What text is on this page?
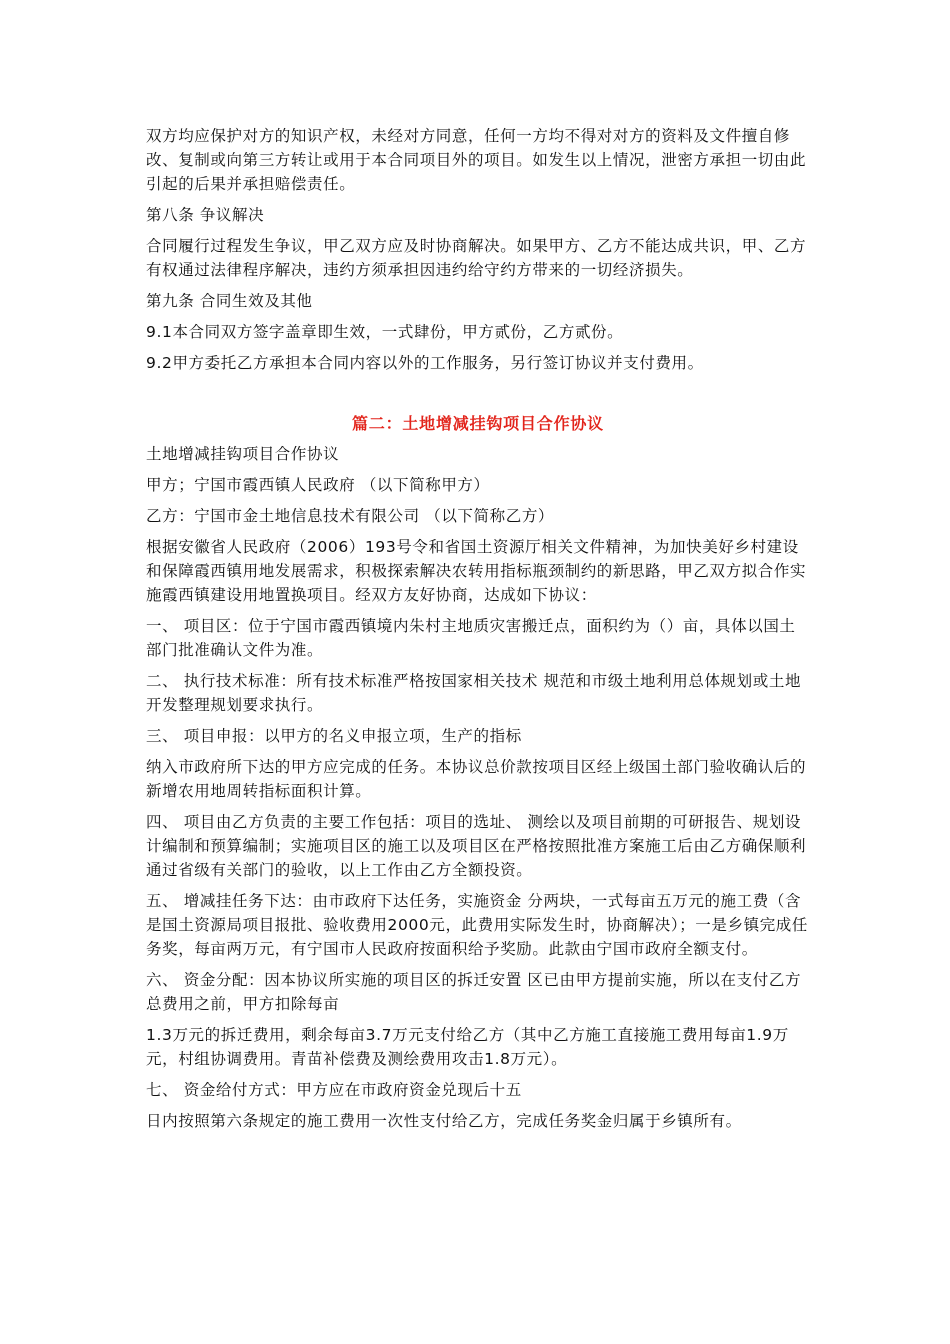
双方均应保护对方的知识产权，未经对方同意，任何一方均不得对对方的资料及文件擅自修改、复制或向第三方转让或用于本合同项目外的项目。如发生以上情况，泄密方承担一切由此引起的后果并承担赔偿责任。

第八条 争议解决

合同履行过程发生争议，甲乙双方应及时协商解决。如果甲方、乙方不能达成共识，甲、乙方有权通过法律程序解决，违约方须承担因违约给守约方带来的一切经济损失。

第九条 合同生效及其他

9.1本合同双方签字盖章即生效，一式肆份，甲方贰份，乙方贰份。

9.2甲方委托乙方承担本合同内容以外的工作服务，另行签订协议并支付费用。

篇二：土地增减挂钩项目合作协议

土地增减挂钩项目合作协议

甲方；宁国市霞西镇人民政府 （以下简称甲方）

乙方：宁国市金土地信息技术有限公司 （以下简称乙方）

根据安徽省人民政府（2006）193号令和省国土资源厅相关文件精神，为加快美好乡村建设和保障霞西镇用地发展需求，积极探索解决农转用指标瓶颈制约的新思路，甲乙双方拟合作实施霞西镇建设用地置换项目。经双方友好协商，达成如下协议：

一、 项目区：位于宁国市霞西镇境内朱村主地质灾害搬迁点，面积约为（）亩，具体以国土部门批准确认文件为准。

二、 执行技术标准：所有技术标准严格按国家相关技术 规范和市级土地利用总体规划或土地开发整理规划要求执行。

三、 项目申报：以甲方的名义申报立项，生产的指标

纳入市政府所下达的甲方应完成的任务。本协议总价款按项目区经上级国土部门验收确认后的新增农用地周转指标面积计算。

四、 项目由乙方负责的主要工作包括：项目的选址、 测绘以及项目前期的可研报告、规划设计编制和预算编制；实施项目区的施工以及项目区在严格按照批准方案施工后由乙方确保顺利通过省级有关部门的验收，以上工作由乙方全额投资。

五、 增减挂任务下达：由市政府下达任务，实施资金 分两块，一式每亩五万元的施工费（含是国土资源局项目报批、验收费用2000元，此费用实际发生时，协商解决）；一是乡镇完成任务奖，每亩两万元，有宁国市人民政府按面积给予奖励。此款由宁国市政府全额支付。

六、 资金分配：因本协议所实施的项目区的拆迁安置 区已由甲方提前实施，所以在支付乙方总费用之前，甲方扣除每亩

1.3万元的拆迁费用，剩余每亩3.7万元支付给乙方（其中乙方施工直接施工费用每亩1.9万元，村组协调费用。青苗补偿费及测绘费用攻击1.8万元）。

七、 资金给付方式：甲方应在市政府资金兑现后十五

日内按照第六条规定的施工费用一次性支付给乙方，完成任务奖金归属于乡镇所有。
